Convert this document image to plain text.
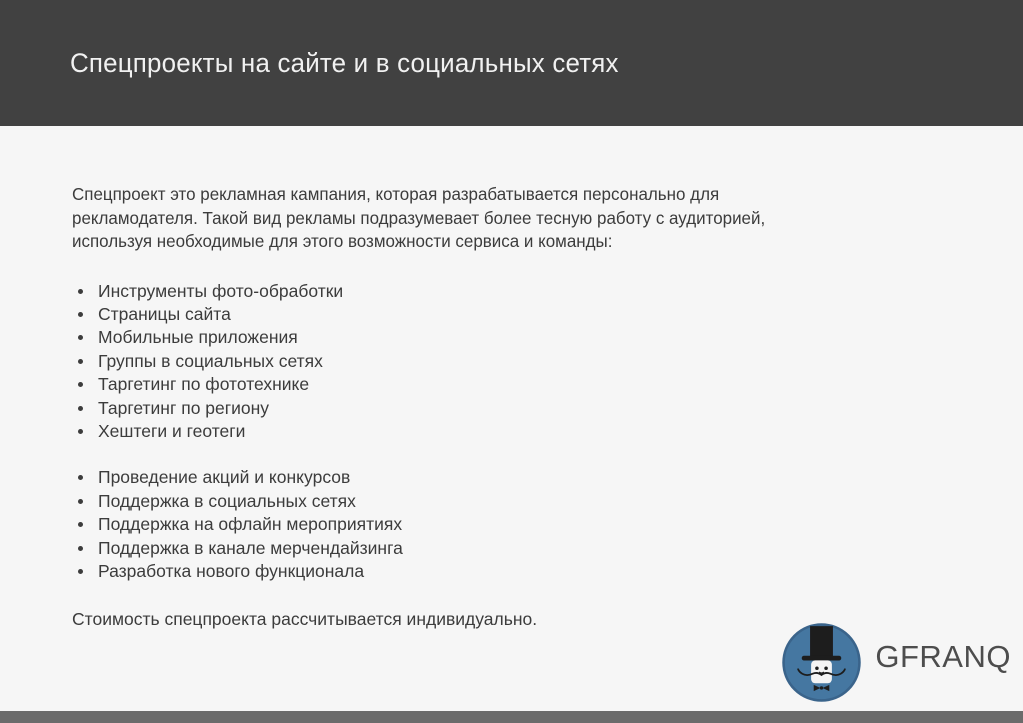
Спецпроекты на сайте и в социальных сетях
Спецпроект это рекламная кампания, которая разрабатывается персонально для
рекламодателя. Такой вид рекламы подразумевает более тесную работу с аудиторией,
используя необходимые для этого возможности сервиса и команды:
Инструменты фото-обработки
Страницы сайта
Мобильные приложения
Группы в социальных сетях
Таргетинг по фототехнике
Таргетинг по региону
Хештеги и геотеги
Проведение акций и конкурсов
Поддержка в социальных сетях
Поддержка на офлайн мероприятиях
Поддержка в канале мерчендайзинга
Разработка нового функционала
Стоимость спецпроекта рассчитывается индивидуально.
GFRANQ
